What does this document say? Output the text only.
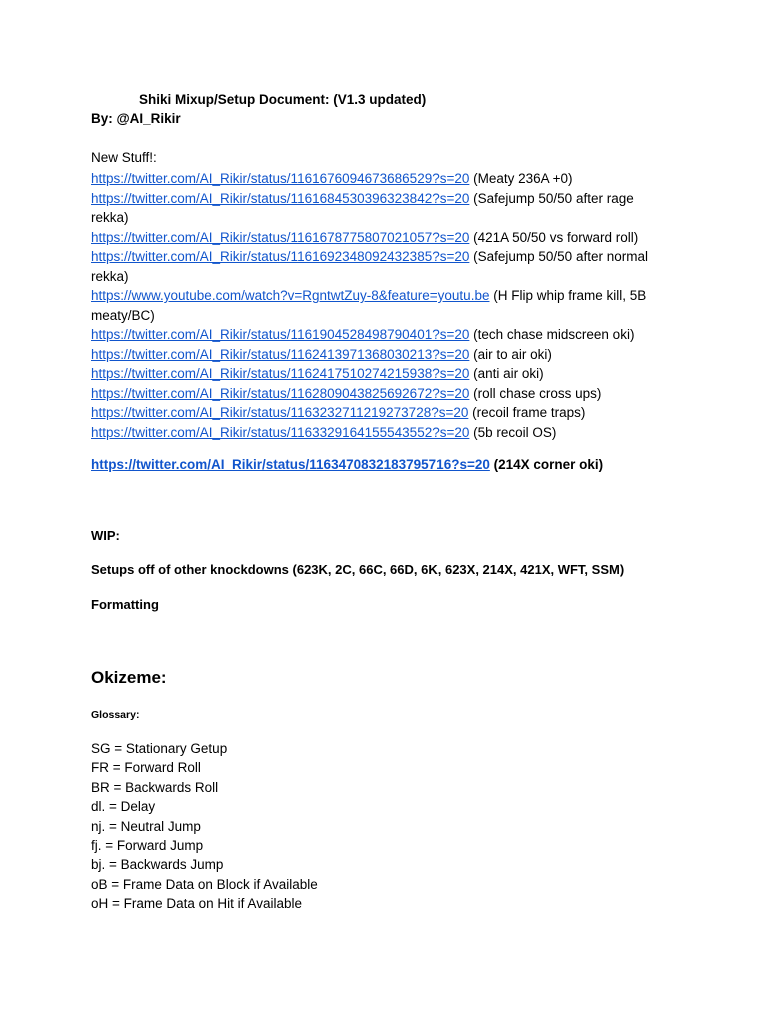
Shiki Mixup/Setup Document: (V1.3 updated)
By: @AI_Rikir
New Stuff!:
https://twitter.com/AI_Rikir/status/1161676094673686529?s=20 (Meaty 236A +0)
https://twitter.com/AI_Rikir/status/1161684530396323842?s=20 (Safejump 50/50 after rage rekka)
https://twitter.com/AI_Rikir/status/1161678775807021057?s=20 (421A 50/50 vs forward roll)
https://twitter.com/AI_Rikir/status/1161692348092432385?s=20 (Safejump 50/50 after normal rekka)
https://www.youtube.com/watch?v=RgntwtZuy-8&feature=youtu.be (H Flip whip frame kill, 5B meaty/BC)
https://twitter.com/AI_Rikir/status/1161904528498790401?s=20 (tech chase midscreen oki)
https://twitter.com/AI_Rikir/status/1162413971368030213?s=20 (air to air oki)
https://twitter.com/AI_Rikir/status/1162417510274215938?s=20 (anti air oki)
https://twitter.com/AI_Rikir/status/1162809043825692672?s=20 (roll chase cross ups)
https://twitter.com/AI_Rikir/status/1163232711219273728?s=20 (recoil frame traps)
https://twitter.com/AI_Rikir/status/1163329164155543552?s=20 (5b recoil OS)
https://twitter.com/AI_Rikir/status/1163470832183795716?s=20 (214X corner oki)
WIP:
Setups off of other knockdowns (623K, 2C, 66C, 66D, 6K, 623X, 214X, 421X, WFT, SSM)
Formatting
Okizeme:
Glossary:
SG = Stationary Getup
FR = Forward Roll
BR = Backwards Roll
dl. = Delay
nj. = Neutral Jump
fj. = Forward Jump
bj. = Backwards Jump
oB = Frame Data on Block if Available
oH = Frame Data on Hit if Available
